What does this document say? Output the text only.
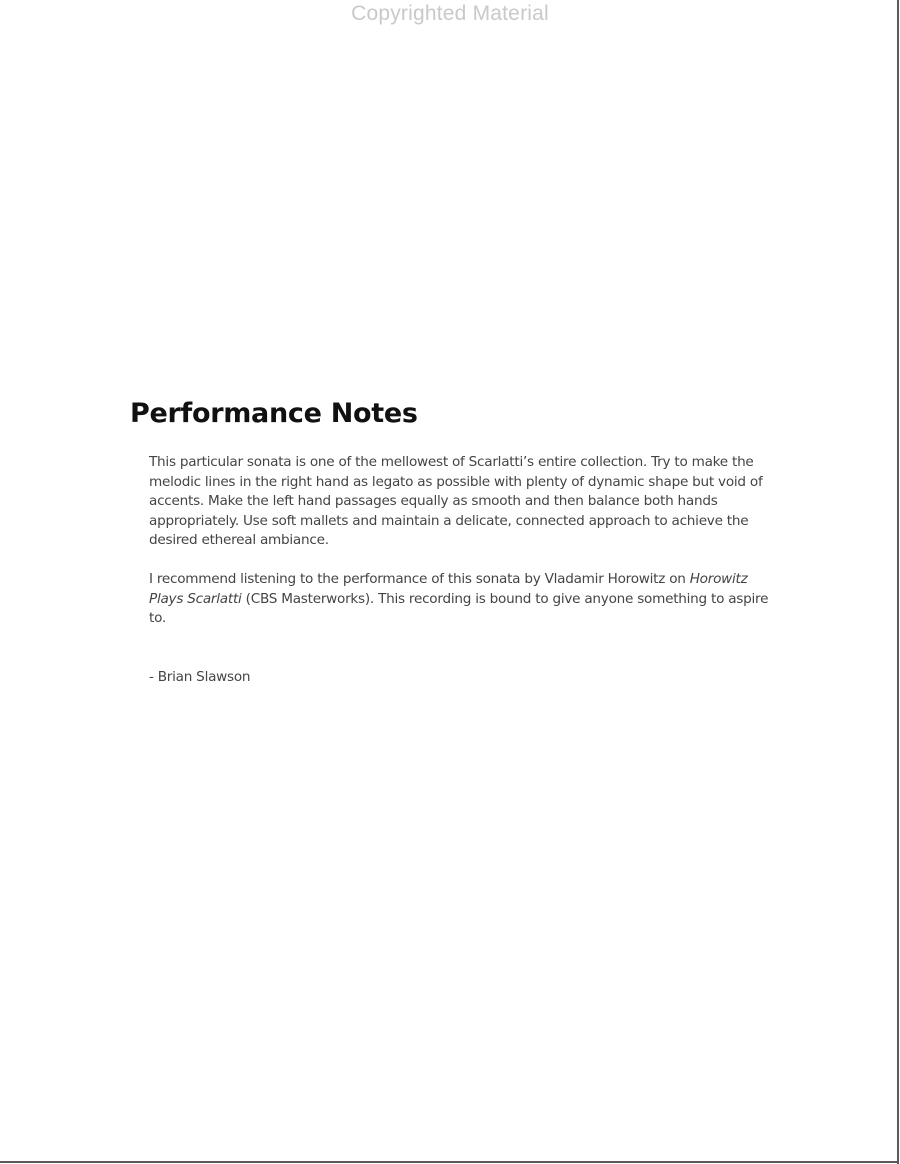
Copyrighted Material
Performance Notes

This particular sonata is one of the mellowest of Scarlatti’s entire collection. Try to make the melodic lines in the right hand as legato as possible with plenty of dynamic shape but void of accents. Make the left hand passages equally as smooth and then balance both hands appropriately. Use soft mallets and maintain a delicate, connected approach to achieve the desired ethereal ambiance.

I recommend listening to the performance of this sonata by Vladamir Horowitz on Horowitz Plays Scarlatti (CBS Masterworks). This recording is bound to give anyone something to aspire to.

- Brian Slawson
